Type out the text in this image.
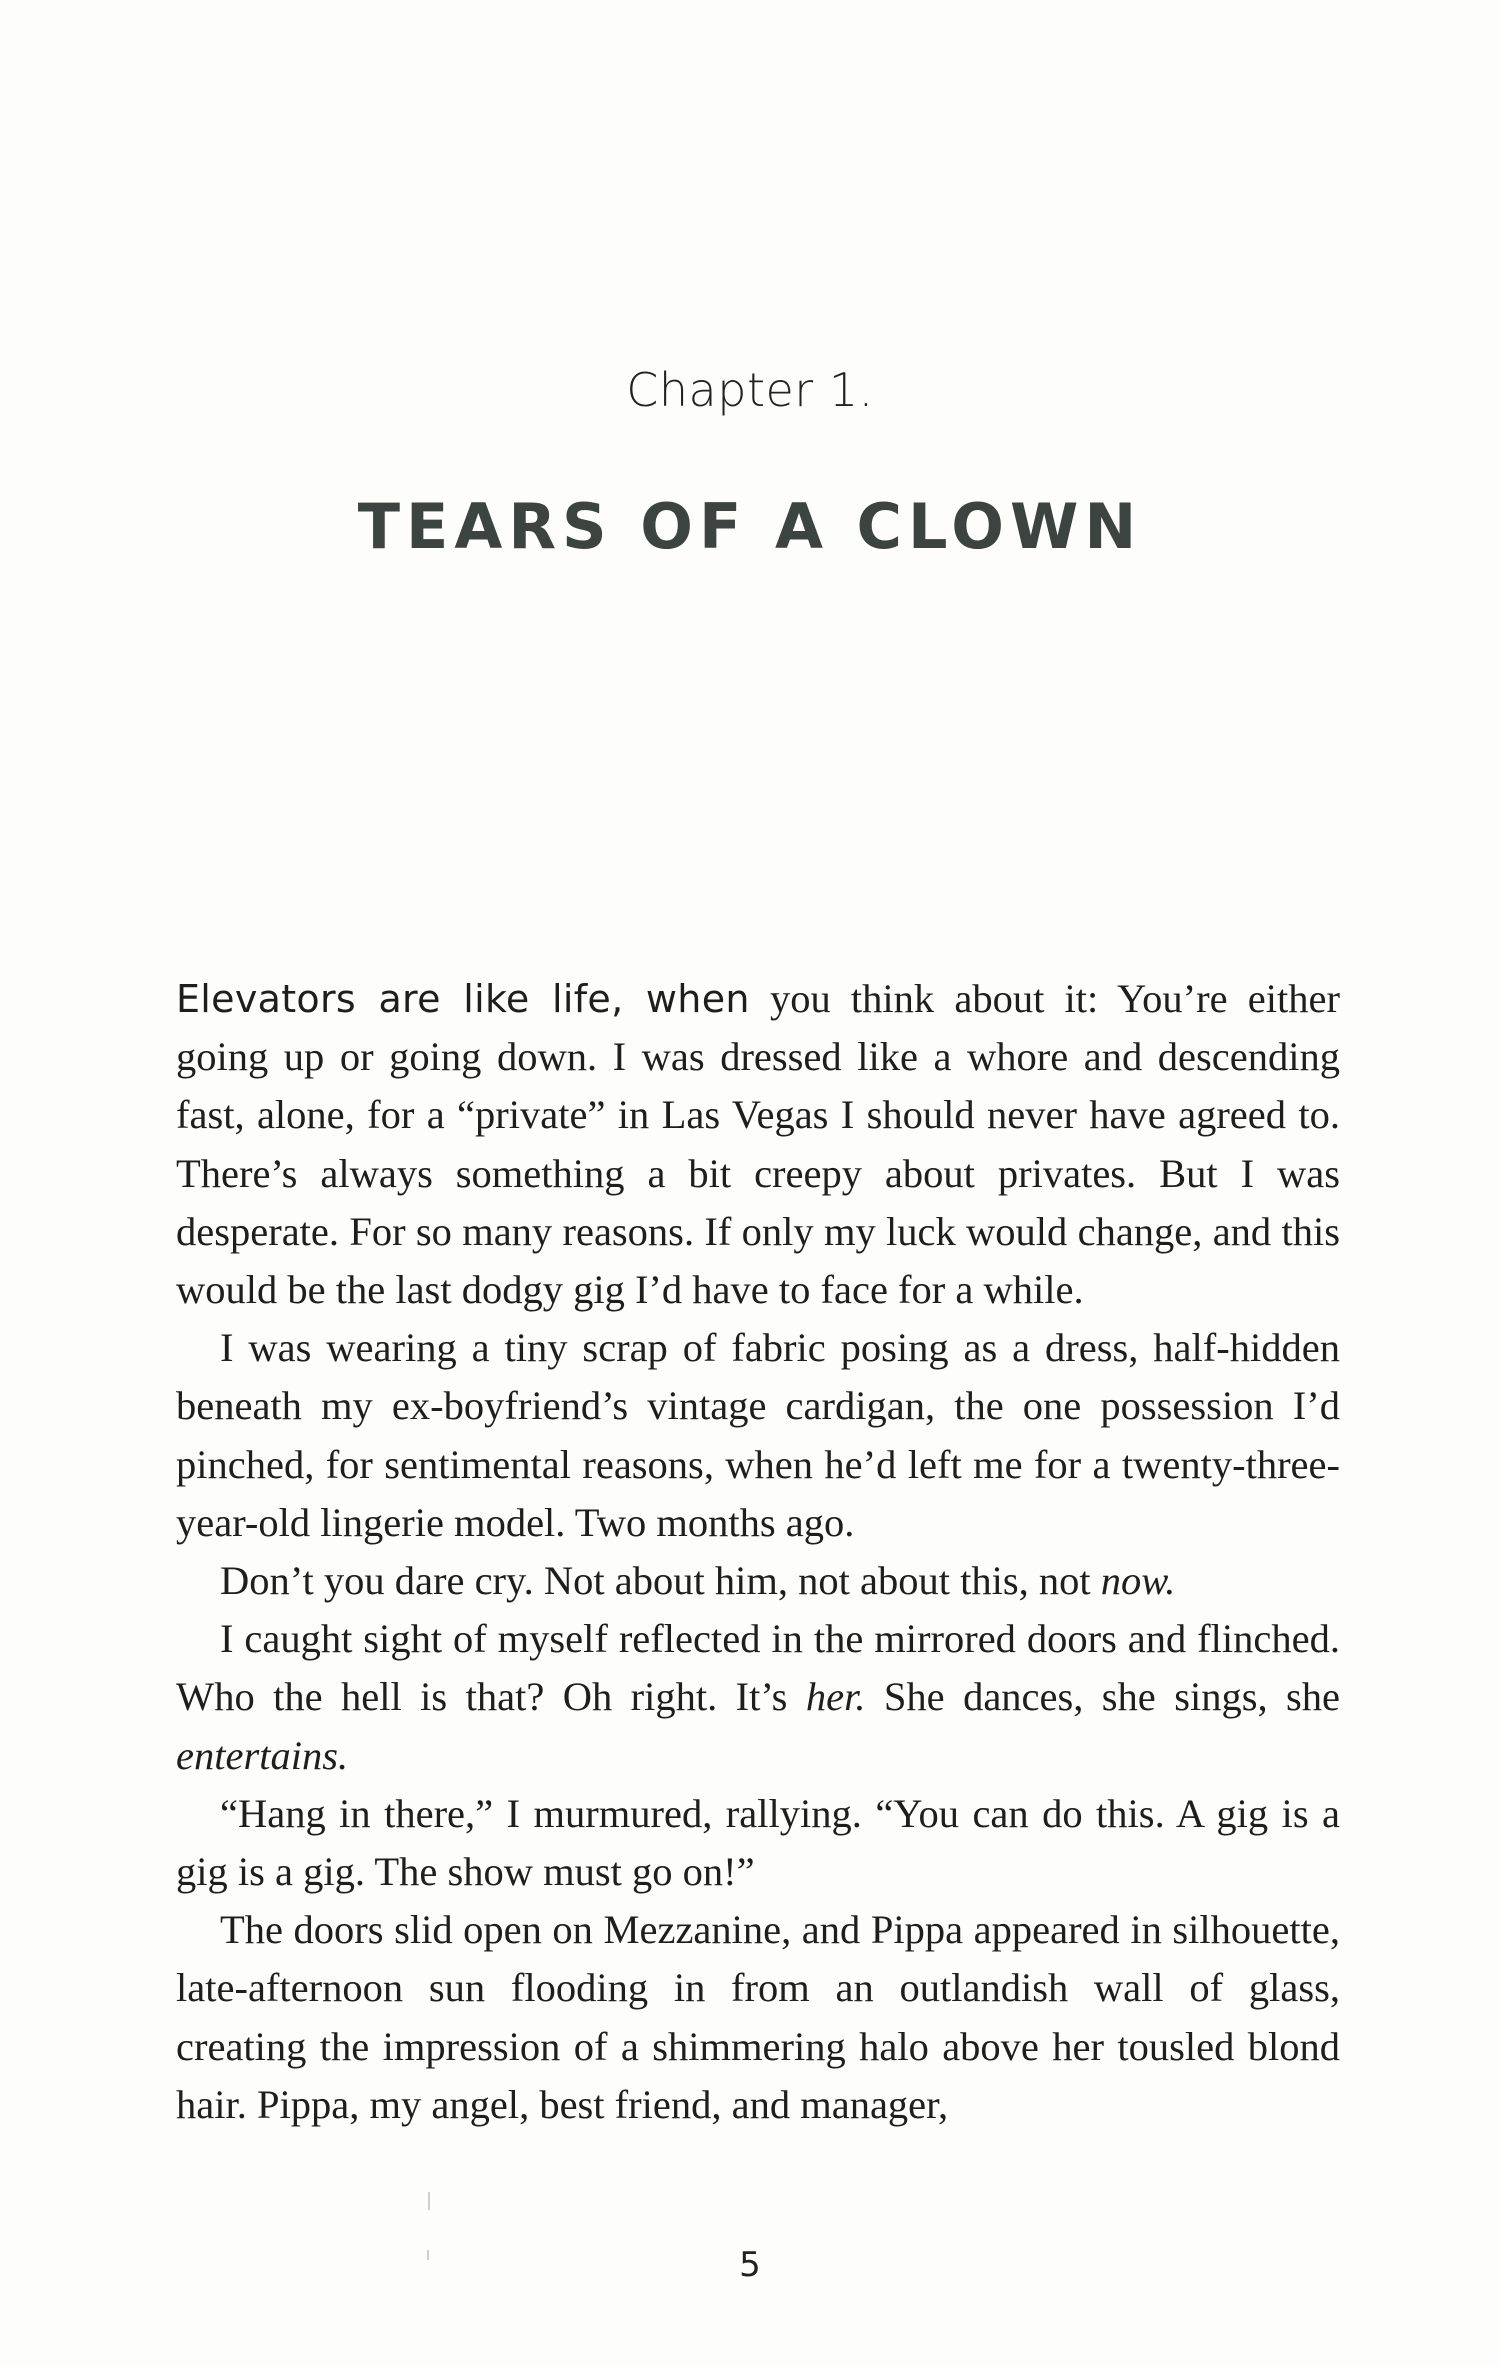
Chapter 1.
TEARS OF A CLOWN

Elevators are like life, when you think about it: You’re either going up or going down. I was dressed like a whore and descending fast, alone, for a “private” in Las Vegas I should never have agreed to. There’s always something a bit creepy about privates. But I was desperate. For so many reasons. If only my luck would change, and this would be the last dodgy gig I’d have to face for a while.

I was wearing a tiny scrap of fabric posing as a dress, half-hidden beneath my ex-boyfriend’s vintage cardigan, the one possession I’d pinched, for sentimental reasons, when he’d left me for a twenty-three-year-old lingerie model. Two months ago.

Don’t you dare cry. Not about him, not about this, not now.

I caught sight of myself reflected in the mirrored doors and flinched. Who the hell is that? Oh right. It’s her. She dances, she sings, she entertains.

“Hang in there,” I murmured, rallying. “You can do this. A gig is a gig is a gig. The show must go on!”

The doors slid open on Mezzanine, and Pippa appeared in silhouette, late-afternoon sun flooding in from an outlandish wall of glass, creating the impression of a shimmering halo above her tousled blond hair. Pippa, my angel, best friend, and manager,

5
